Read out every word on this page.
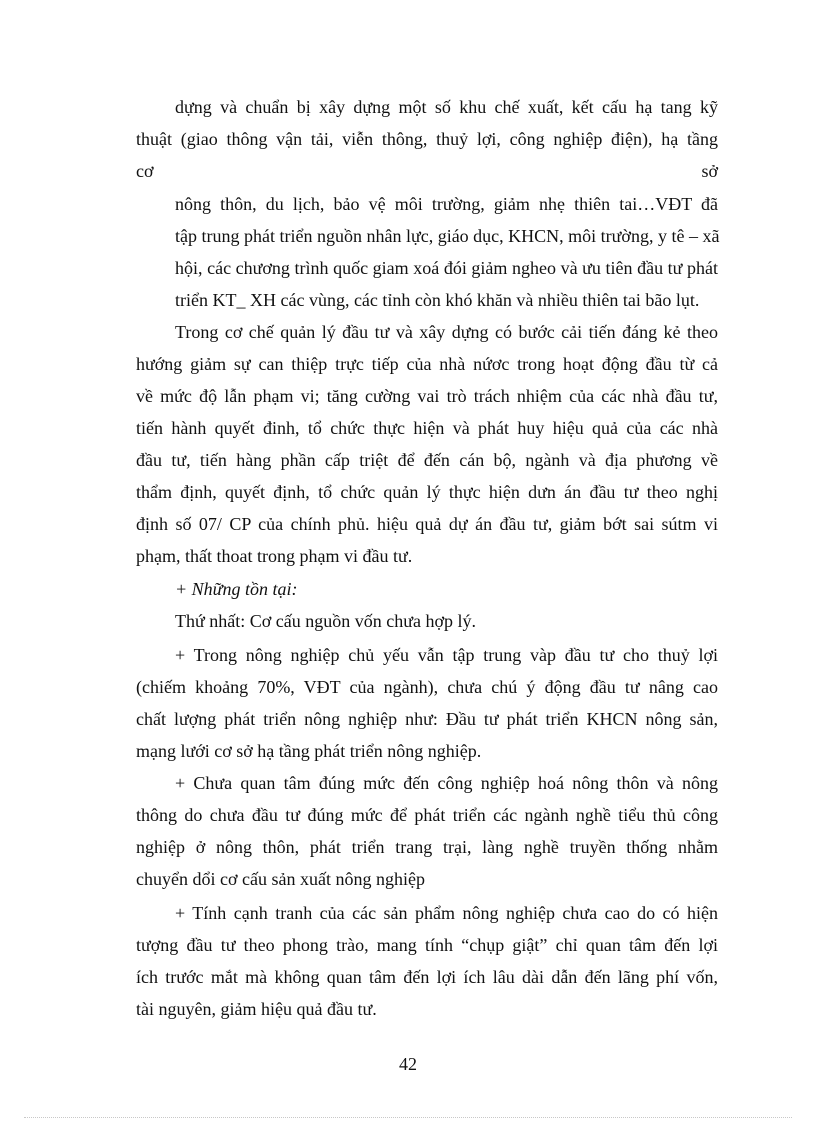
dựng và chuẩn bị xây dựng một số khu chế xuất, kết cấu hạ tang kỹ
thuật (giao thông vận tải, viễn thông, thuỷ lợi, công nghiệp điện), hạ tầng
cơ	sở
nông thôn, du lịch, bảo vệ môi trường, giảm nhẹ thiên tai…VĐT đã
tập trung phát triển nguồn nhân lực, giáo dục, KHCN, môi trường, y tê – xã
hội, các chương trình quốc giam xoá đói giảm ngheo và ưu tiên đầu tư phát
triển KT_ XH các vùng, các tỉnh còn khó khăn và nhiều thiên tai bão lụt.
Trong cơ chế quản lý đầu tư và xây dựng có bước cải tiến đáng kẻ theo
hướng giảm sự can thiệp trực tiếp của nhà nứơc trong hoạt động đầu từ cả
về mức độ lẫn phạm vi; tăng cường vai trò trách nhiệm của các nhà đầu tư,
tiến hành quyết đinh, tổ chức thực hiện và phát huy hiệu quả của các nhà
đầu tư, tiến hàng phần cấp triệt để đến cán bộ, ngành và địa phương về
thẩm định, quyết định, tổ chức quản lý thực hiện dưn án đầu tư theo nghị
định số 07/ CP của chính phủ. hiệu quả dự án đầu tư, giảm bớt sai sútm vi
phạm, thất thoat trong phạm vi đầu tư.
+ Những tồn tại:
Thứ nhất: Cơ cấu nguồn vốn chưa hợp lý.
+ Trong nông nghiệp chủ yếu vẫn tập trung vàp đầu tư cho thuỷ lợi
(chiếm khoảng 70%, VĐT của ngành), chưa chú ý động đầu tư nâng cao
chất lượng phát triển nông nghiệp như: Đầu tư phát triển KHCN nông sản,
mạng lưới cơ sở hạ tầng phát triển nông nghiệp.
+ Chưa quan tâm đúng mức đến công nghiệp hoá nông thôn và nông
thông do chưa đầu tư đúng mức để phát triển các ngành nghề tiểu thủ công
nghiệp ở nông thôn, phát triển trang trại, làng nghề truyền thống nhằm
chuyển dổi cơ cấu sản xuất nông nghiệp
+ Tính cạnh tranh của các sản phẩm nông nghiệp chưa cao do có hiện
tượng đầu tư theo phong trào, mang tính “chụp giật” chỉ quan tâm đến lợi
ích trước mắt mà không quan tâm đến lợi ích lâu dài dẫn đến lãng phí vốn,
tài nguyên, giảm hiệu quả đầu tư.
42
